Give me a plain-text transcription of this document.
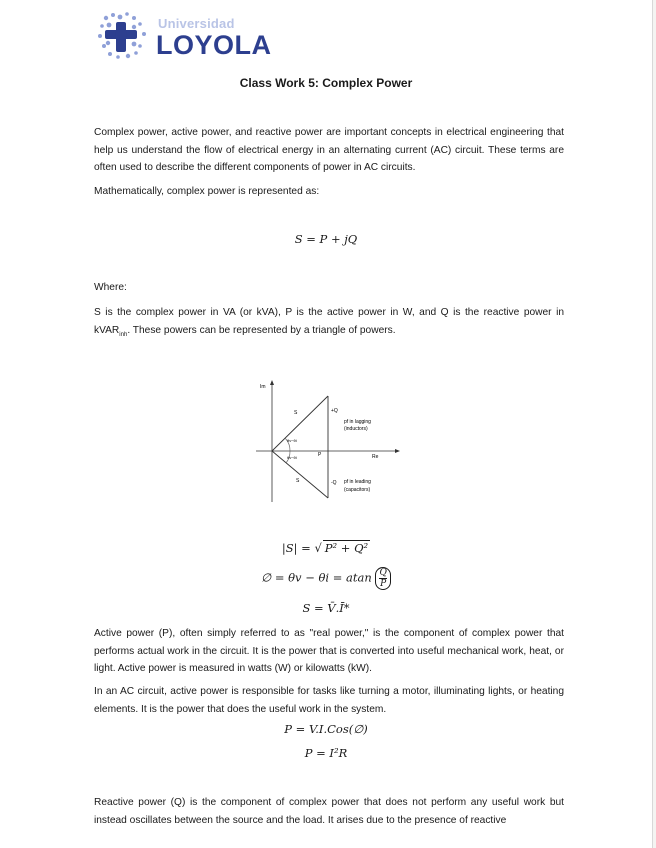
Universidad
LOYOLA
Class Work 5: Complex Power
Complex power, active power, and reactive power are important concepts in electrical engineering that help us understand the flow of electrical energy in an alternating current (AC) circuit. These terms are often used to describe the different components of power in AC circuits.
Mathematically, complex power is represented as:
S = P + jQ
Where:
S is the complex power in VA (or kVA), P is the active power in W, and Q is the reactive power in kVAR$_{inh}$. These powers can be represented by a triangle of powers.
Im
Re
+Q
-Q
S
S
P
θv−θi
θv−θi
pf in lagging
(inductors)
pf in leading
(capacitors)
|S| = √ P² + Q²
∅ = θv − θi = atan $\frac{Q}{P}$
S = V̄.Ī*
Active power (P), often simply referred to as "real power," is the component of complex power that performs actual work in the circuit. It is the power that is converted into useful mechanical work, heat, or light. Active power is measured in watts (W) or kilowatts (kW).
In an AC circuit, active power is responsible for tasks like turning a motor, illuminating lights, or heating elements. It is the power that does the useful work in the system.
P = V.I.Cos(∅)
P = I²R
Reactive power (Q) is the component of complex power that does not perform any useful work but instead oscillates between the source and the load. It arises due to the presence of reactive
